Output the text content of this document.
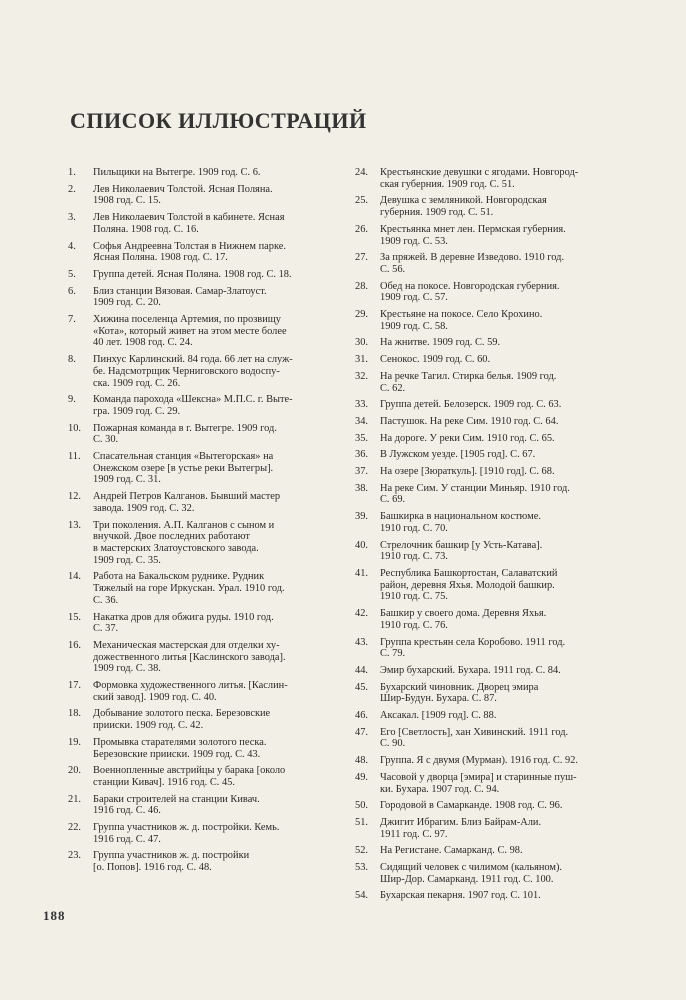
СПИСОК ИЛЛЮСТРАЦИЙ
1.	Пильщики на Вытегре. 1909 год. С. 6.
2.	Лев Николаевич Толстой. Ясная Поляна.
1908 год. С. 15.
3.	Лев Николаевич Толстой в кабинете. Ясная
Поляна. 1908 год. С. 16.
4.	Софья Андреевна Толстая в Нижнем парке.
Ясная Поляна. 1908 год. С. 17.
5.	Группа детей. Ясная Поляна. 1908 год. С. 18.
6.	Близ станции Вязовая. Самар-Златоуст.
1909 год. С. 20.
7.	Хижина поселенца Артемия, по прозвищу
«Кота», который живет на этом месте более
40 лет. 1908 год. С. 24.
8.	Пинхус Карлинский. 84 года. 66 лет на служ-
бе. Надсмотрщик Черниговского водоспу-
ска. 1909 год. С. 26.
9.	Команда парохода «Шексна» М.П.С. г. Выте-
гра. 1909 год. С. 29.
10.	Пожарная команда в г. Вытегре. 1909 год.
С. 30.
11.	Спасательная станция «Вытегорская» на
Онежском озере [в устье реки Вытегры].
1909 год. С. 31.
12.	Андрей Петров Калганов. Бывший мастер
завода. 1909 год. С. 32.
13.	Три поколения. А.П. Калганов с сыном и
внучкой. Двое последних работают
в мастерских Златоустовского завода.
1909 год. С. 35.
14.	Работа на Бакальском руднике. Рудник
Тяжелый на горе Иркускан. Урал. 1910 год.
С. 36.
15.	Накатка дров для обжига руды. 1910 год.
С. 37.
16.	Механическая мастерская для отделки ху-
дожественного литья [Каслинского завода].
1909 год. С. 38.
17.	Формовка художественного литья. [Каслин-
ский завод]. 1909 год. С. 40.
18.	Добывание золотого песка. Березовские
прииски. 1909 год. С. 42.
19.	Промывка старателями золотого песка.
Березовские прииски. 1909 год. С. 43.
20.	Военнопленные австрийцы у барака [около
станции Кивач]. 1916 год. С. 45.
21.	Бараки строителей на станции Кивач.
1916 год. С. 46.
22.	Группа участников ж. д. постройки. Кемь.
1916 год. С. 47.
23.	Группа участников ж. д. постройки
[о. Попов]. 1916 год. С. 48.
24.	Крестьянские девушки с ягодами. Новгород-
ская губерния. 1909 год. С. 51.
25.	Девушка с земляникой. Новгородская
губерния. 1909 год. С. 51.
26.	Крестьянка мнет лен. Пермская губерния.
1909 год. С. 53.
27.	За пряжей. В деревне Изведово. 1910 год.
С. 56.
28.	Обед на покосе. Новгородская губерния.
1909 год. С. 57.
29.	Крестьяне на покосе. Село Крохино.
1909 год. С. 58.
30.	На жнитве. 1909 год. С. 59.
31.	Сенокос. 1909 год. С. 60.
32.	На речке Тагил. Стирка белья. 1909 год.
С. 62.
33.	Группа детей. Белозерск. 1909 год. С. 63.
34.	Пастушок. На реке Сим. 1910 год. С. 64.
35.	На дороге. У реки Сим. 1910 год. С. 65.
36.	В Лужском уезде. [1905 год]. С. 67.
37.	На озере [Зюраткуль]. [1910 год]. С. 68.
38.	На реке Сим. У станции Миньяр. 1910 год.
С. 69.
39.	Башкирка в национальном костюме.
1910 год. С. 70.
40.	Стрелочник башкир [у Усть-Катава].
1910 год. С. 73.
41.	Республика Башкортостан, Салаватский
район, деревня Яхья. Молодой башкир.
1910 год. С. 75.
42.	Башкир у своего дома. Деревня Яхья.
1910 год. С. 76.
43.	Группа крестьян села Коробово. 1911 год.
С. 79.
44.	Эмир бухарский. Бухара. 1911 год. С. 84.
45.	Бухарский чиновник. Дворец эмира
Шир-Будун. Бухара. С. 87.
46.	Аксакал. [1909 год]. С. 88.
47.	Его [Светлость], хан Хивинский. 1911 год.
С. 90.
48.	Группа. Я с двумя (Мурман). 1916 год. С. 92.
49.	Часовой у дворца [эмира] и старинные пуш-
ки. Бухара. 1907 год. С. 94.
50.	Городовой в Самарканде. 1908 год. С. 96.
51.	Джигит Ибрагим. Близ Байрам-Али.
1911 год. С. 97.
52.	На Регистане. Самарканд. С. 98.
53.	Сидящий человек с чилимом (кальяном).
Шир-Дор. Самарканд. 1911 год. С. 100.
54.	Бухарская пекарня. 1907 год. С. 101.
188
